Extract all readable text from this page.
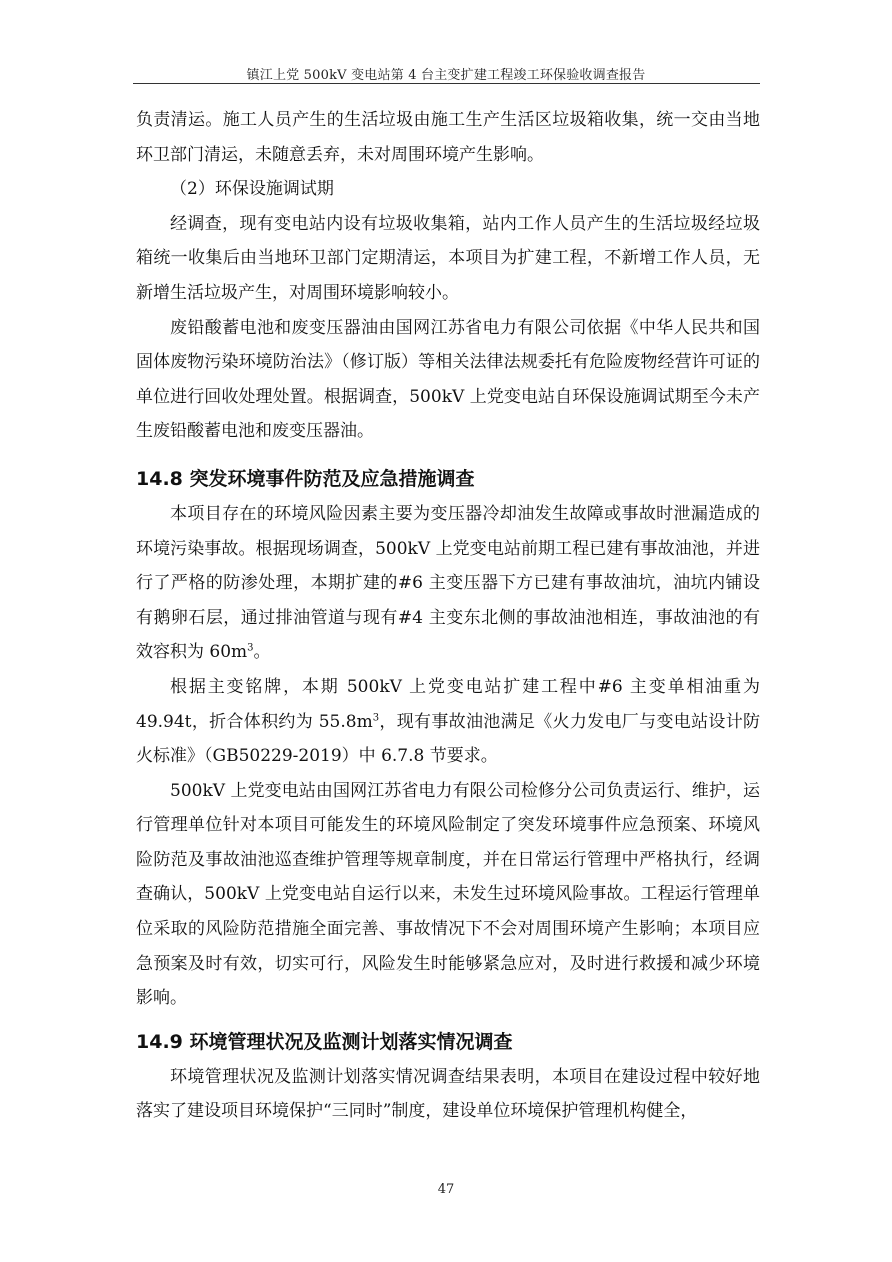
镇江上党 500kV 变电站第 4 台主变扩建工程竣工环保验收调查报告

负责清运。施工人员产生的生活垃圾由施工生产生活区垃圾箱收集，统一交由当地环卫部门清运，未随意丢弃，未对周围环境产生影响。

（2）环保设施调试期

经调查，现有变电站内设有垃圾收集箱，站内工作人员产生的生活垃圾经垃圾箱统一收集后由当地环卫部门定期清运，本项目为扩建工程，不新增工作人员，无新增生活垃圾产生，对周围环境影响较小。

废铅酸蓄电池和废变压器油由国网江苏省电力有限公司依据《中华人民共和国固体废物污染环境防治法》（修订版）等相关法律法规委托有危险废物经营许可证的单位进行回收处理处置。根据调查，500kV 上党变电站自环保设施调试期至今未产生废铅酸蓄电池和废变压器油。

14.8 突发环境事件防范及应急措施调查

本项目存在的环境风险因素主要为变压器冷却油发生故障或事故时泄漏造成的环境污染事故。根据现场调查，500kV 上党变电站前期工程已建有事故油池，并进行了严格的防渗处理，本期扩建的#6 主变压器下方已建有事故油坑，油坑内铺设有鹅卵石层，通过排油管道与现有#4 主变东北侧的事故油池相连，事故油池的有效容积为 $60m^3$。

根据主变铭牌，本期 500kV 上党变电站扩建工程中#6 主变单相油重为 49.94t，折合体积约为 $55.8m^3$，现有事故油池满足《火力发电厂与变电站设计防火标准》（GB50229-2019）中 6.7.8 节要求。

500kV 上党变电站由国网江苏省电力有限公司检修分公司负责运行、维护，运行管理单位针对本项目可能发生的环境风险制定了突发环境事件应急预案、环境风险防范及事故油池巡查维护管理等规章制度，并在日常运行管理中严格执行，经调查确认，500kV 上党变电站自运行以来，未发生过环境风险事故。工程运行管理单位采取的风险防范措施全面完善、事故情况下不会对周围环境产生影响；本项目应急预案及时有效，切实可行，风险发生时能够紧急应对，及时进行救援和减少环境影响。

14.9 环境管理状况及监测计划落实情况调查

环境管理状况及监测计划落实情况调查结果表明，本项目在建设过程中较好地落实了建设项目环境保护“三同时”制度，建设单位环境保护管理机构健全，

47
